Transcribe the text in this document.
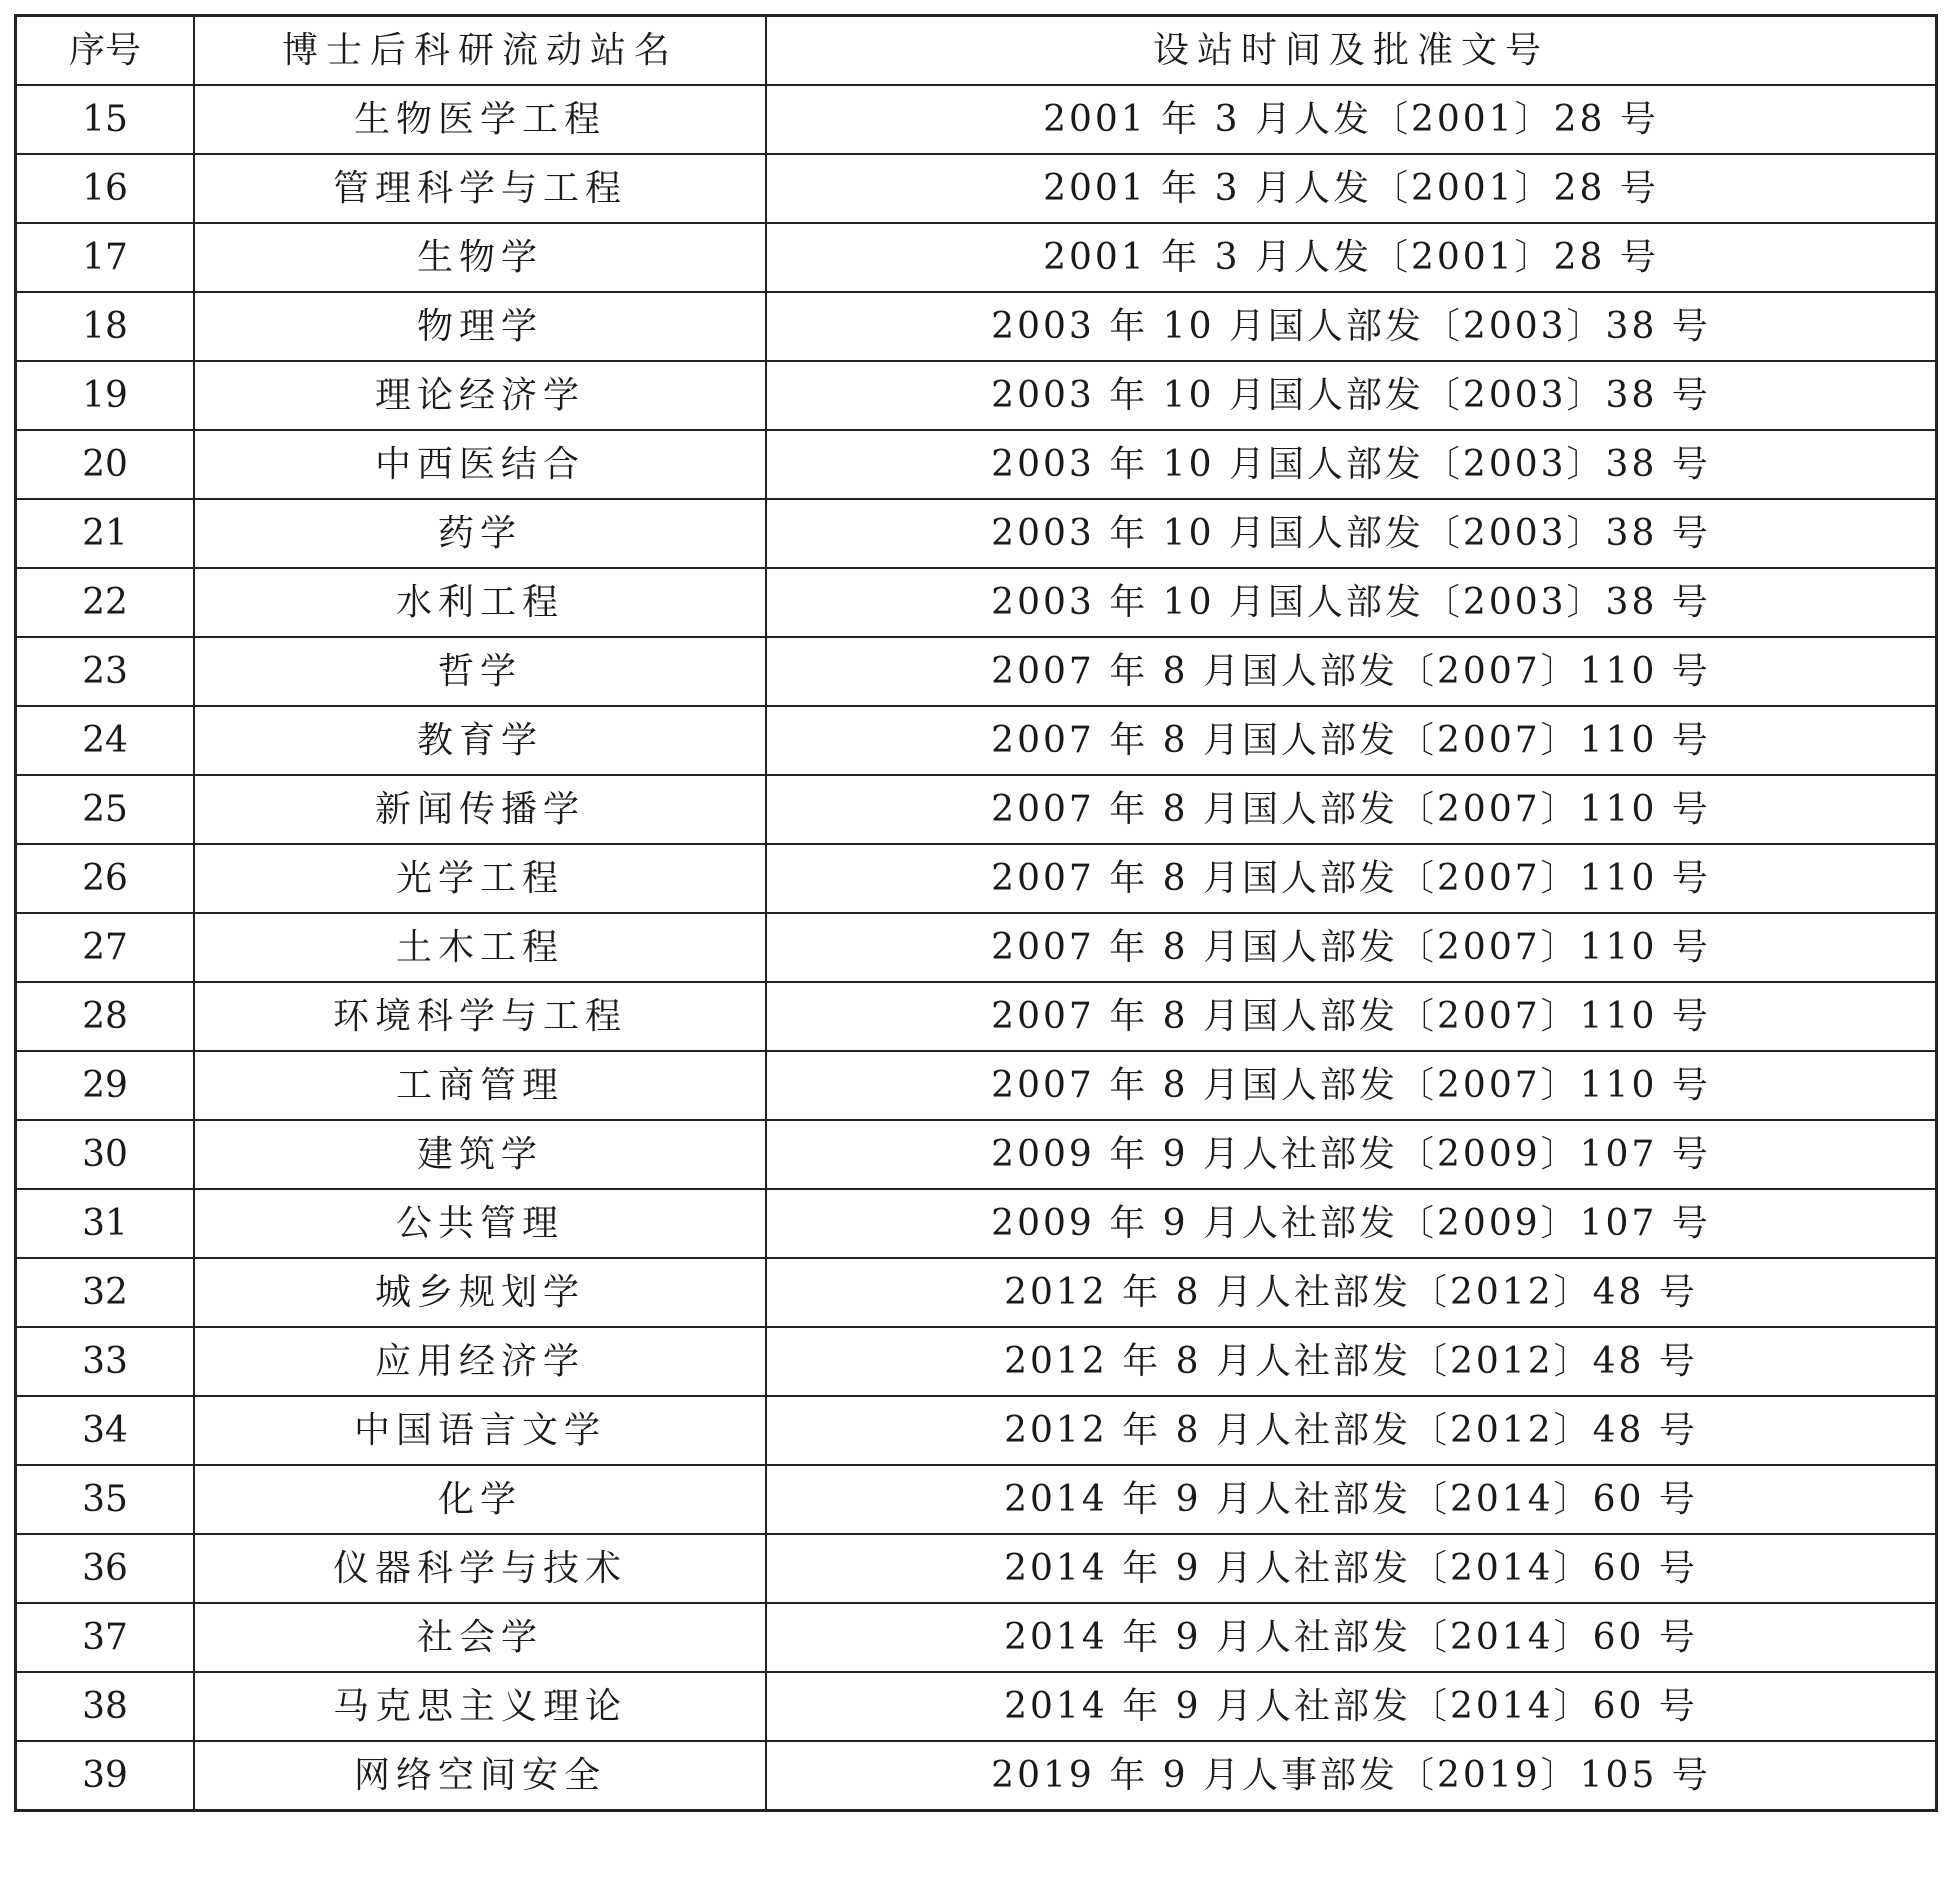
序号	博士后科研流动站名	设站时间及批准文号
15	生物医学工程	2001 年 3 月人发〔2001〕28 号
16	管理科学与工程	2001 年 3 月人发〔2001〕28 号
17	生物学	2001 年 3 月人发〔2001〕28 号
18	物理学	2003 年 10 月国人部发〔2003〕38 号
19	理论经济学	2003 年 10 月国人部发〔2003〕38 号
20	中西医结合	2003 年 10 月国人部发〔2003〕38 号
21	药学	2003 年 10 月国人部发〔2003〕38 号
22	水利工程	2003 年 10 月国人部发〔2003〕38 号
23	哲学	2007 年 8 月国人部发〔2007〕110 号
24	教育学	2007 年 8 月国人部发〔2007〕110 号
25	新闻传播学	2007 年 8 月国人部发〔2007〕110 号
26	光学工程	2007 年 8 月国人部发〔2007〕110 号
27	土木工程	2007 年 8 月国人部发〔2007〕110 号
28	环境科学与工程	2007 年 8 月国人部发〔2007〕110 号
29	工商管理	2007 年 8 月国人部发〔2007〕110 号
30	建筑学	2009 年 9 月人社部发〔2009〕107 号
31	公共管理	2009 年 9 月人社部发〔2009〕107 号
32	城乡规划学	2012 年 8 月人社部发〔2012〕48 号
33	应用经济学	2012 年 8 月人社部发〔2012〕48 号
34	中国语言文学	2012 年 8 月人社部发〔2012〕48 号
35	化学	2014 年 9 月人社部发〔2014〕60 号
36	仪器科学与技术	2014 年 9 月人社部发〔2014〕60 号
37	社会学	2014 年 9 月人社部发〔2014〕60 号
38	马克思主义理论	2014 年 9 月人社部发〔2014〕60 号
39	网络空间安全	2019 年 9 月人事部发〔2019〕105 号
